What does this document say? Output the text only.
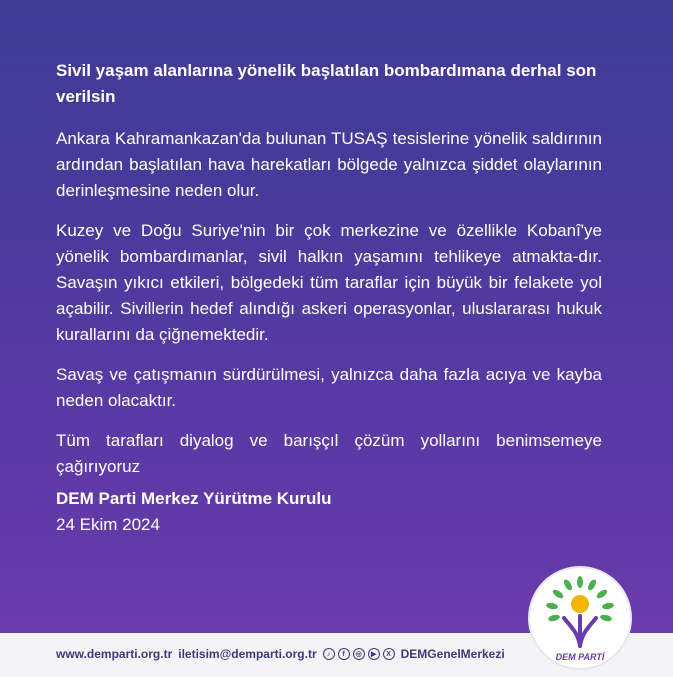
Sivil yaşam alanlarına yönelik başlatılan bombardımana derhal son verilsin

Ankara Kahramankazan'da bulunan TUSAŞ tesislerine yönelik saldırının ardından başlatılan hava harekatları bölgede yalnızca şiddet olaylarının derinleşmesine neden olur.

Kuzey ve Doğu Suriye'nin bir çok merkezine ve özellikle Kobanî'ye yönelik bombardımanlar, sivil halkın yaşamını tehlikeye atmakta-dır. Savaşın yıkıcı etkileri, bölgedeki tüm taraflar için büyük bir felakete yol açabilir. Sivillerin hedef alındığı askeri operasyonlar, uluslararası hukuk kurallarını da çiğnemektedir.

Savaş ve çatışmanın sürdürülmesi, yalnızca daha fazla acıya ve kayba neden olacaktır.

Tüm tarafları diyalog ve barışçıl çözüm yollarını benimsemeye çağırıyoruz

DEM Parti Merkez Yürütme Kurulu

24 Ekim 2024

www.demparti.org.tr iletisim@demparti.org.tr	♪	f	◎	▶	X DEMGenelMerkezi	DEM PARTİ
